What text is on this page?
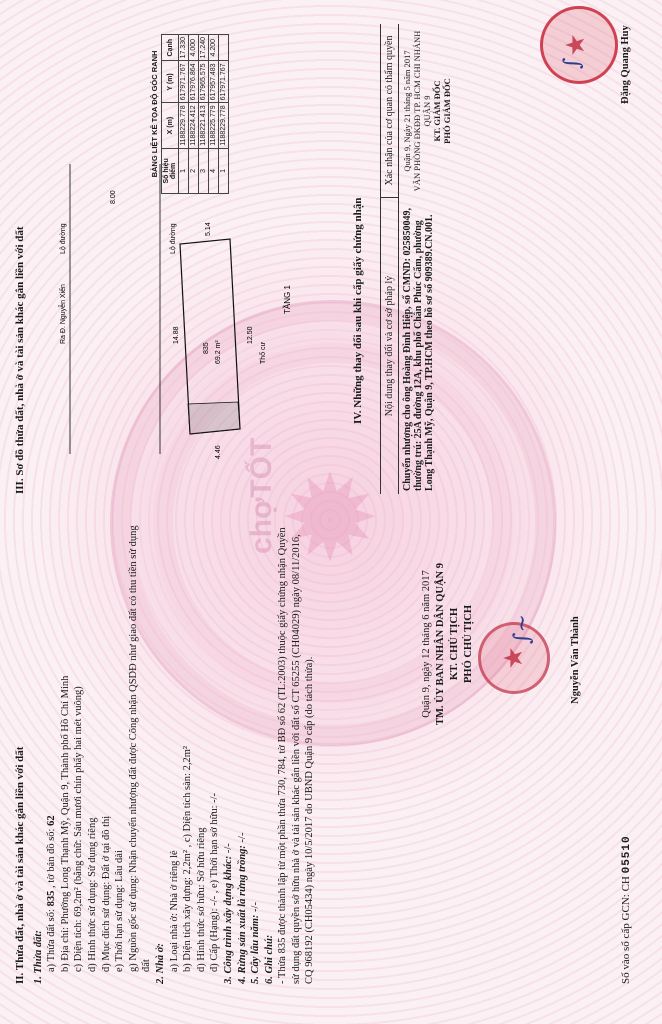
✹
II. Thửa đất, nhà ở và tài sản khác gắn liền với đất 1. Thửa đất: a) Thửa đất số: 835 , tờ bản đồ số: 62
b) Địa chỉ: Phường Long Thạnh Mỹ, Quận 9, Thành phố Hồ Chí Minh
c) Diện tích: 69,2m² (bằng chữ: Sáu mươi chín phẩy hai mét vuông)
d) Hình thức sử dụng: Sử dụng riêng
đ) Mục đích sử dụng: Đất ở tại đô thị
e) Thời hạn sử dụng: Lâu dài
g) Nguồn gốc sử dụng: Nhận chuyển nhượng đất được Công nhận QSDĐ như giao đất có thu tiền sử dụng đất 2. Nhà ở: a) Loại nhà ở: Nhà ở riêng lẻ b) Diện tích xây dựng: 2,2m² , c) Diện tích sàn: 2,2m²
d) Hình thức sở hữu: Sở hữu riêng
đ) Cấp (Hạng): -/- , e) Thời hạn sở hữu: -/-
3. Công trình xây dựng khác: -/- 4. Rừng sản xuất là rừng trồng: -/-
5. Cây lâu năm: -/-
6. Ghi chú: - Thửa 835 được thành lập từ một phần thửa 730, 784, tờ BĐ số 62 (TL:2003) thuộc giấy chứng nhận Quyền sử dụng đất quyền sở hữu nhà ở và tài sản khác gắn liền với đất số CT 65255 (CH04029) ngày 08/11/2016, CQ 968192 (CH05434) ngày 10/5/2017 do UBND Quận 9 cấp (do tách thửa).
Quận 9, ngày 12 tháng 6 năm 2017 TM. ỦY BAN NHÂN DÂN QUẬN 9 KT. CHỦ TỊCH PHÓ CHỦ TỊCH ★ ∫∼	Nguyễn Văn Thành
Số vào sổ cấp GCN: CH 05510
III. Sơ đồ thửa đất, nhà ở và tài sản khác gắn liền với đất	Ra Đ. Nguyễn Xiển
Lộ đường	Lộ đường
8.00
835 69.2 m²
14.88	12.50
4.46
5.14
Thổ cư
TẦNG 1
BẢNG LIỆT KÊ TỌA ĐỘ GÓC RANHSố hiệu điểm	X (m)	Y (m)	Cạnh
1	1188229.778	617971.767	17.330
2	1188224.412	617976.864	4.000
3	1188221.413	617965.575	17.240
4	1188225.779	617957.483	4.200
1	1188229.778	617971.767	
IV. Những thay đổi sau khi cấp giấy chứng nhận	Nội dung thay đổi và cơ sở pháp lý
Xác nhận của cơ quan có thẩm quyền
Chuyển nhượng cho ông Hoàng Đình Hiệp, số CMND: 025850049, thường trú: 25A đường 12A, khu phố Chân Phúc Cẩm, phường Long Thạnh Mỹ, Quận 9, TP.HCM theo hồ sơ số 909389.CN.001.
Quận 9, Ngày 21 tháng 5 năm 2017 VĂN PHÒNG ĐKĐĐ TP. HCM CHI NHÁNH QUẬN 9 KT. GIÁM ĐỐC PHÓ GIÁM ĐỐC
★
∫	Đặng Quang Huy
chợTỐT
